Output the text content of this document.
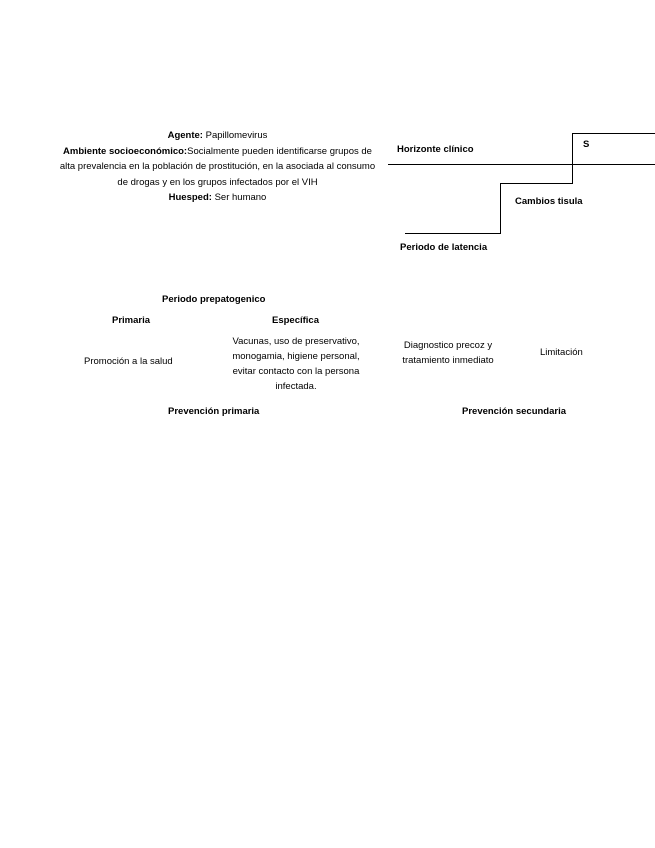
Agente: Papillomevirus
Ambiente socioeconómico:Socialmente pueden identificarse grupos de alta prevalencia en la población de prostitución, en la asociada al consumo de drogas y en los grupos infectados por el VIH
Huesped: Ser humano
Horizonte clínico	S
Cambios tisula
Periodo de latencia
Periodo prepatogenico
Primaria	Específica
Promoción a la salud
Vacunas, uso de preservativo, monogamia, higiene personal, evitar contacto con la persona infectada.
Diagnostico precoz y tratamiento inmediato
Limitación
Prevención primaria	Prevención secundaria
